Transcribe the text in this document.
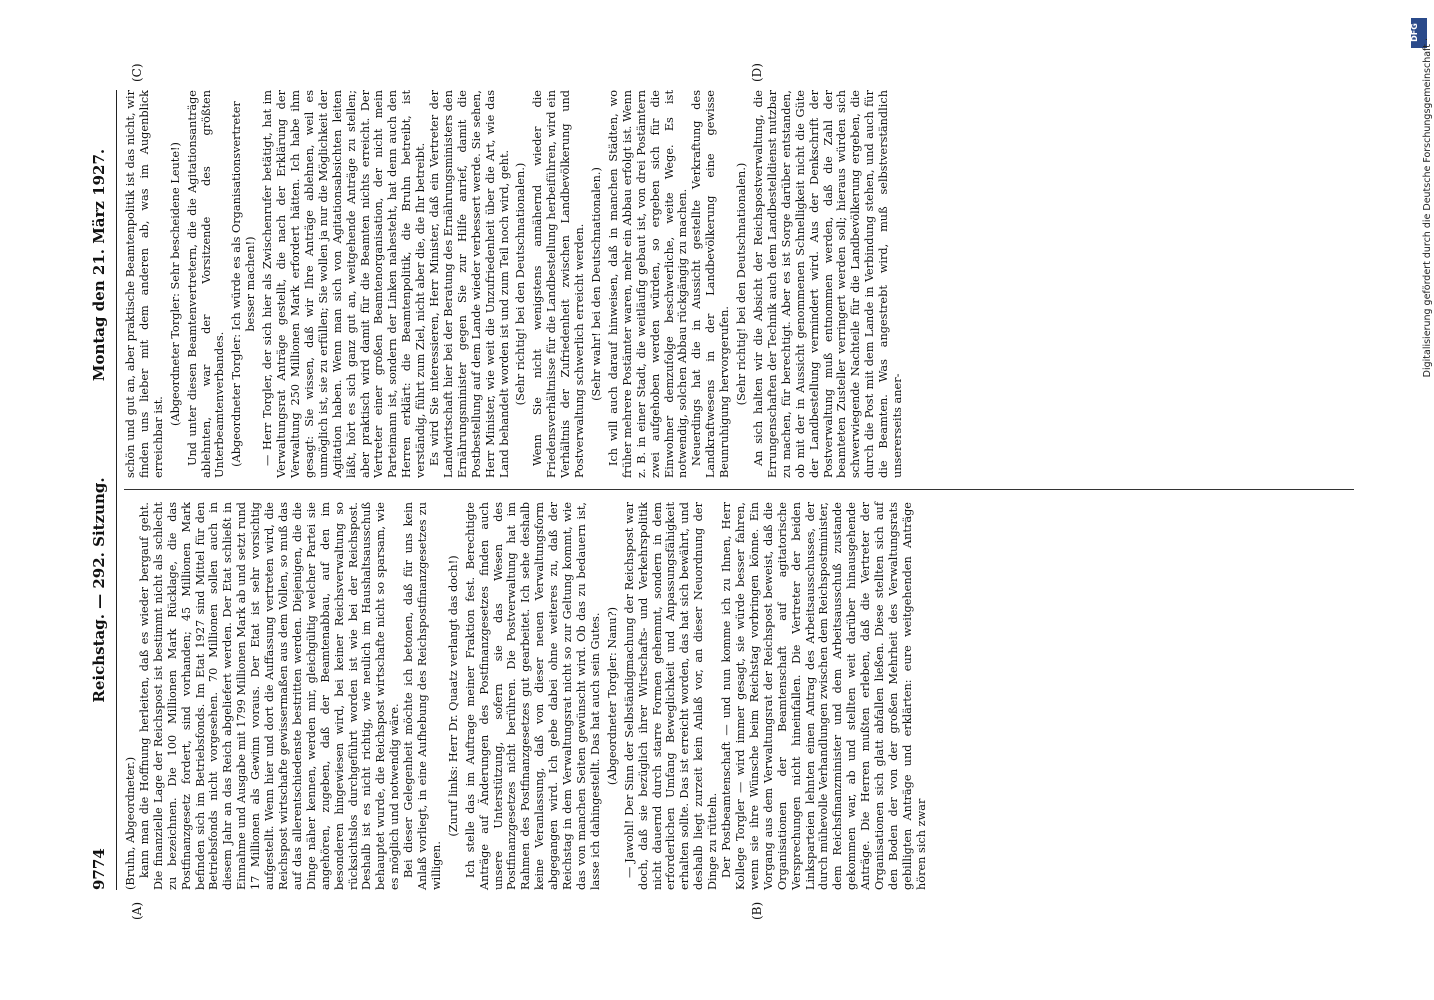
9774
Reichstag. — 292. Sitzung.
Montag den 21. März 1927.
(A)	(B)
(C)	(D)

(Bruhn, Abgeordneter.) kann man die Hoffnung herleiten, daß es wieder bergauf geht. Die finanzielle Lage der Reichspost ist bestimmt nicht als schlecht zu bezeichnen. Die 100 Millionen Mark Rücklage, die das Postfinanzgesetz fordert, sind vorhanden; 45 Millionen Mark befinden sich im Betriebsfonds. Im Etat 1927 sind Mittel für den Betriebsfonds nicht vorgesehen. 70 Millionen sollen auch in diesem Jahr an das Reich abgeliefert werden. Der Etat schließt in Einnahme und Ausgabe mit 1799 Millionen Mark ab und setzt rund 17 Millionen als Gewinn voraus. Der Etat ist sehr vorsichtig aufgestellt. Wenn hier und dort die Auffassung vertreten wird, die Reichspost wirtschafte gewissermaßen aus dem Vollen, so muß das auf das allerentschiedenste bestritten werden. Diejenigen, die die Dinge näher kennen, werden mir, gleichgültig welcher Partei sie angehören, zugeben, daß der Beamtenabbau, auf den im besonderen hingewiesen wird, bei keiner Reichsverwaltung so rücksichtslos durchgeführt worden ist wie bei der Reichspost. Deshalb ist es nicht richtig, wie neulich im Haushaltsausschuß behauptet wurde, die Reichspost wirtschafte nicht so sparsam, wie es möglich und notwendig wäre. Bei dieser Gelegenheit möchte ich betonen, daß für uns kein Anlaß vorliegt, in eine Aufhebung des Reichspostfinanzgesetzes zu willigen.

(Zuruf links: Herr Dr. Quaatz verlangt das doch!) Ich stelle das im Auftrage meiner Fraktion fest. Berechtigte Anträge auf Änderungen des Postfinanzgesetzes finden auch unsere Unterstützung, sofern sie das Wesen des Postfinanzgesetzes nicht berühren. Die Postverwaltung hat im Rahmen des Postfinanzgesetzes gut gearbeitet. Ich sehe deshalb keine Veranlassung, daß von dieser neuen Verwaltungsform abgegangen wird. Ich gebe dabei ohne weiteres zu, daß der Reichstag in dem Verwaltungsrat nicht so zur Geltung kommt, wie das von manchen Seiten gewünscht wird. Ob das zu bedauern ist, lasse ich dahingestellt. Das hat auch sein Gutes. (Abgeordneter Torgler: Nanu?) — Jawohl! Der Sinn der Selbständigmachung der Reichspost war doch, daß sie bezüglich ihrer Wirtschafts- und Verkehrspolitik nicht dauernd durch starre Formen gehemmt, sondern in dem erforderlichen Umfang Beweglichkeit und Anpassungsfähigkeit erhalten sollte. Das ist erreicht worden, das hat sich bewährt, und deshalb liegt zurzeit kein Anlaß vor, an dieser Neuordnung der Dinge zu rütteln. Der Postbeamtenschaft — und nun komme ich zu Ihnen, Herr Kollege Torgler — wird immer gesagt, sie würde besser fahren, wenn sie ihre Wünsche beim Reichstag vorbringen könne. Ein Vorgang aus dem Verwaltungsrat der Reichspost beweist, daß die Organisationen der Beamtenschaft auf agitatorische Versprechungen nicht hineinfallen. Die Vertreter der beiden Linksparteien lehnten einen Antrag des Arbeitsausschusses, der durch mühevolle Verhandlungen zwischen dem Reichspostminister, dem Reichsfinanzminister und dem Arbeitsausschuß zustande gekommen war, ab und stellten weit darüber hinausgehende Anträge. Die Herren mußten erleben, daß die Vertreter der Organisationen sich glatt abfallen ließen. Diese stellten sich auf den Boden der von der großen Mehrheit des Verwaltungsrats gebilligten Anträge und erklärten: eure weitgehenden Anträge hören sich zwar

schön und gut an, aber praktische Beamtenpolitik ist das nicht, wir finden uns lieber mit dem anderen ab, was im Augenblick erreichbar ist.

(Abgeordneter Torgler: Sehr bescheidene Leute!) Und unter diesen Beamtenvertretern, die die Agitationsanträge ablehnten, war der Vorsitzende des größten Unterbeamtenverbandes. (Abgeordneter Torgler: Ich würde es als Organisationsvertreter besser machen!) — Herr Torgler, der sich hier als Zwischenrufer betätigt, hat im Verwaltungsrat Anträge gestellt, die nach der Erklärung der Verwaltung 250 Millionen Mark erfordert hätten. Ich habe ihm gesagt: Sie wissen, daß wir Ihre Anträge ablehnen, weil es unmöglich ist, sie zu erfüllen; Sie wollen ja nur die Möglichkeit der Agitation haben. Wenn man sich von Agitationsabsichten leiten läßt, hört es sich ganz gut an, weitgehende Anträge zu stellen; aber praktisch wird damit für die Beamten nichts erreicht. Der Vertreter einer großen Beamtenorganisation, der nicht mein Parteimann ist, sondern der Linken nahesteht, hat denn auch den Herren erklärt: die Beamtenpolitik, die Bruhn betreibt, ist verständig, führt zum Ziel, nicht aber die, die Ihr betreibt. Es wird Sie interessieren, Herr Minister, daß ein Vertreter der Landwirtschaft hier bei der Beratung des Ernährungsministers den Ernährungsminister gegen Sie zur Hilfe anrief, damit die Postbestellung auf dem Lande wieder verbessert werde. Sie sehen, Herr Minister, wie weit die Unzufriedenheit über die Art, wie das Land behandelt worden ist und zum Teil noch wird, geht. (Sehr richtig! bei den Deutschnationalen.) Wenn Sie nicht wenigstens annähernd wieder die Friedensverhältnisse für die Landbestellung herbeiführen, wird ein Verhältnis der Zufriedenheit zwischen Landbevölkerung und Postverwaltung schwerlich erreicht werden. (Sehr wahr! bei den Deutschnationalen.) Ich will auch darauf hinweisen, daß in manchen Städten, wo früher mehrere Postämter waren, mehr ein Abbau erfolgt ist. Wenn z. B. in einer Stadt, die weitläufig gebaut ist, von drei Postämtern zwei aufgehoben werden würden, so ergeben sich für die Einwohner demzufolge beschwerliche, weite Wege. Es ist notwendig, solchen Abbau rückgängig zu machen. Neuerdings hat die in Aussicht gestellte Verkraftung des Landkraftwesens in der Landbevölkerung eine gewisse Beunruhigung hervorgerufen. (Sehr richtig! bei den Deutschnationalen.) An sich halten wir die Absicht der Reichspostverwaltung, die Errungenschaften der Technik auch dem Landbestelldienst nutzbar zu machen, für berechtigt. Aber es ist Sorge darüber entstanden, ob mit der in Aussicht genommenen Schnelligkeit nicht die Güte der Landbestellung vermindert wird. Aus der Denkschrift der Postverwaltung muß entnommen werden, daß die Zahl der beamteten Zusteller verringert werden soll; hieraus würden sich schwerwiegende Nachteile für die Landbevölkerung ergeben, die durch die Post mit dem Lande in Verbindung stehen, und auch für die Beamten. Was angestrebt wird, muß selbstverständlich unsererseits aner-

DFG
Digitalisierung gefördert durch die Deutsche Forschungsgemeinschaft ·
